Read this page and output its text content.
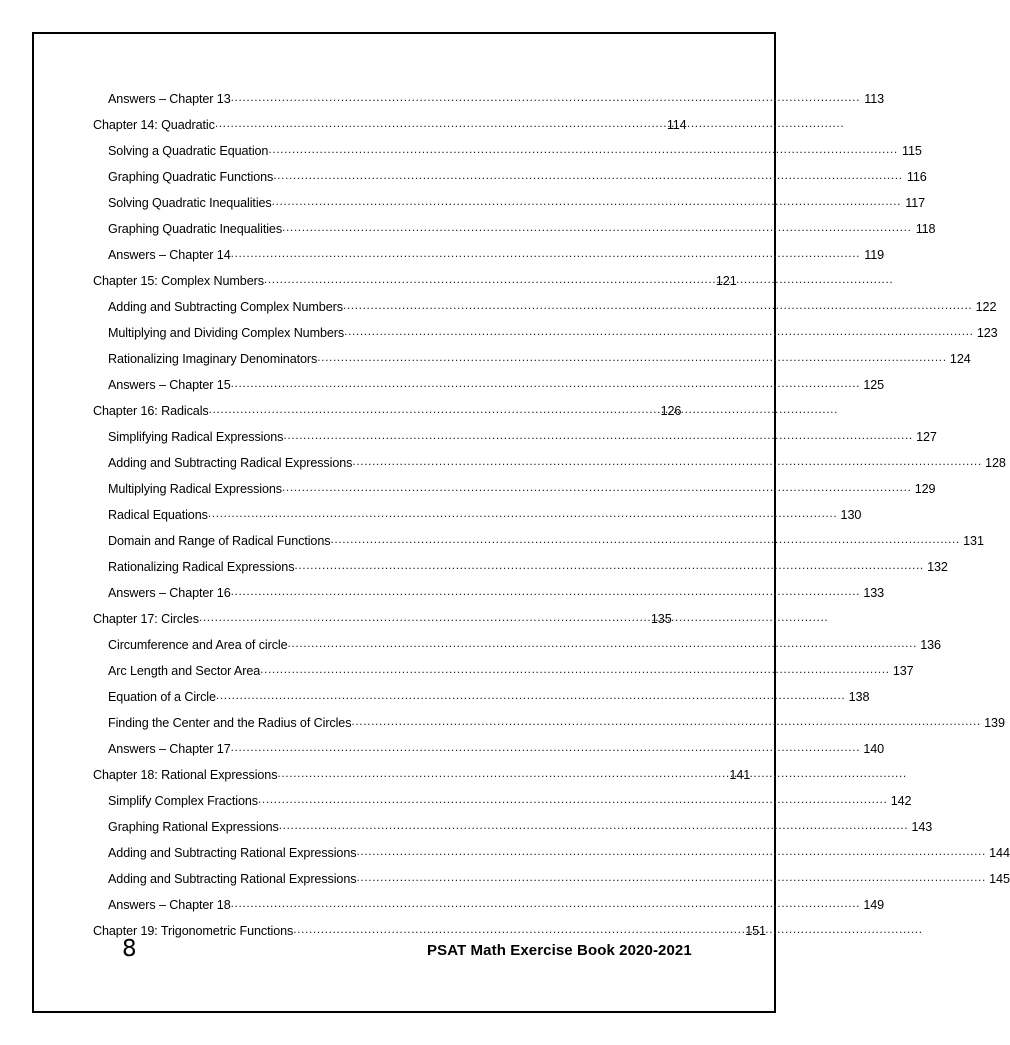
Answers – Chapter 13 .....	113
Chapter 14: Quadratic .....	114
Solving a Quadratic Equation .....	115
Graphing Quadratic Functions .....	116
Solving Quadratic Inequalities .....	117
Graphing Quadratic Inequalities .....	118
Answers – Chapter 14 .....	119
Chapter 15: Complex Numbers .....	121
Adding and Subtracting Complex Numbers .....	122
Multiplying and Dividing Complex Numbers .....	123
Rationalizing Imaginary Denominators .....	124
Answers – Chapter 15 .....	125
Chapter 16: Radicals .....	126
Simplifying Radical Expressions .....	127
Adding and Subtracting Radical Expressions .....	128
Multiplying Radical Expressions .....	129
Radical Equations .....	130
Domain and Range of Radical Functions .....	131
Rationalizing Radical Expressions .....	132
Answers – Chapter 16 .....	133
Chapter 17: Circles .....	135
Circumference and Area of circle .....	136
Arc Length and Sector Area .....	137
Equation of a Circle .....	138
Finding the Center and the Radius of Circles .....	139
Answers – Chapter 17 .....	140
Chapter 18: Rational Expressions .....	141
Simplify Complex Fractions .....	142
Graphing Rational Expressions .....	143
Adding and Subtracting Rational Expressions .....	144
Adding and Subtracting Rational Expressions .....	145
Answers – Chapter 18 .....	149
Chapter 19: Trigonometric Functions .....	151
8	PSAT Math Exercise Book 2020-2021
